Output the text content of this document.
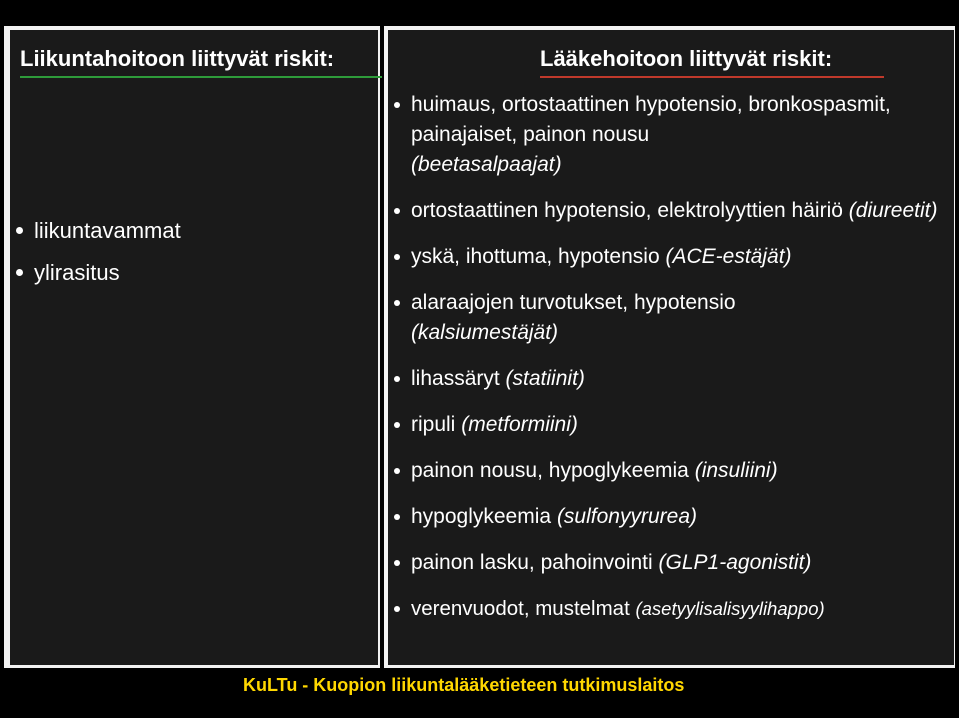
Liikuntahoitoon liittyvät riskit:	Lääkehoitoon liittyvät riskit:
liikuntavammat
ylirasitus
huimaus, ortostaattinen hypotensio, bronkospasmit, painajaiset, painon nousu
(beetasalpaajat)
ortostaattinen hypotensio, elektrolyyttien häiriö (diureetit)
yskä, ihottuma, hypotensio (ACE-estäjät)
alaraajojen turvotukset, hypotensio
(kalsiumestäjät)
lihassäryt (statiinit)
ripuli (metformiini)
painon nousu, hypoglykeemia (insuliini)
hypoglykeemia (sulfonyyrurea)
painon lasku, pahoinvointi (GLP1-agonistit)
verenvuodot, mustelmat (asetyylisalisyylihappo)
KuLTu - Kuopion liikuntalääketieteen tutkimuslaitos
